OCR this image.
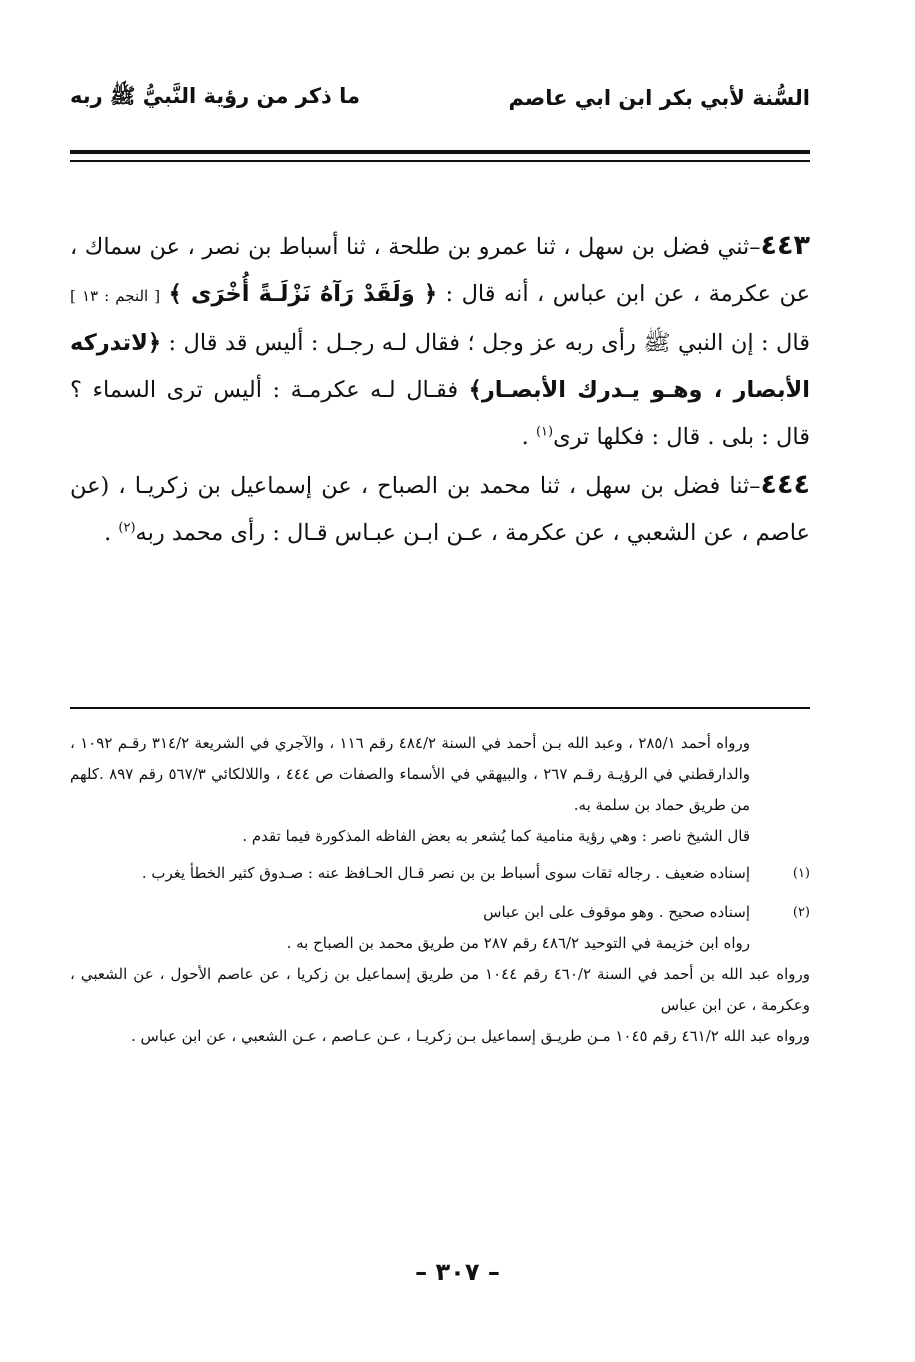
السُّنة لأبي بكر ابن ابي عاصم
ما ذكر من رؤية النَّبيُّ ﷺ ربه

٤٤٣–ثني فضل بن سهل ، ثنا عمرو بن طلحة ، ثنا أسباط بن نصر ، عن سماك ، عن عكرمة ، عن ابن عباس ، أنه قال : ﴿ وَلَقَدْ رَآهُ نَزْلَـةً أُخْرَى ﴾ [ النجم : ١٣ ] قال : إن النبي ﷺ رأى ربه عز وجل ؛ فقال لـه رجـل : أليس قد قال : ﴿لاتدركه الأبصار ، وهـو يـدرك الأبصـار﴾ فقـال لـه عكرمـة : أليس ترى السماء ؟ قال : بلى . قال : فكلها ترى$^{(١)}$ .

٤٤٤–ثنا فضل بن سهل ، ثنا محمد بن الصباح ، عن إسماعيل بن زكريـا ، (عن عاصم ، عن الشعبي ، عن عكرمة ، عـن ابـن عبـاس قـال : رأى محمد ربه$^{(٢)}$ .

ورواه أحمد ٢٨٥/١ ، وعبد الله بـن أحمد في السنة ٤٨٤/٢ رقم ١١٦ ، والآجري في الشريعة ٣١٤/٢ رقـم ١٠٩٢ ، والدارقطني في الرؤيـة رقـم ٢٦٧ ، والبيهقي في الأسماء والصفات ص ٤٤٤ ، واللالكائي ٥٦٧/٣ رقم ٨٩٧ .كلهم من طريق حماد بن سلمة به.

قال الشيخ ناصر : وهي رؤية منامية كما يُشعر به بعض الفاظه المذكورة فيما تقدم .

(١)

إسناده ضعيف . رجاله ثقات سوى أسباط بن بن نصر قـال الحـافظ عنه : صـدوق كثير الخطأ يغرب .

(٢)

إسناده صحيح . وهو موقوف على ابن عباس

رواه ابن خزيمة في التوحيد ٤٨٦/٢ رقم ٢٨٧ من طريق محمد بن الصباح به .

ورواه عبد الله بن أحمد في السنة ٤٦٠/٢ رقم ١٠٤٤ من طريق إسماعيل بن زكريا ، عن عاصم الأحول ، عن الشعبي ، وعكرمة ، عن ابن عباس

ورواه عبد الله ٤٦١/٢ رقم ١٠٤٥ مـن طريـق إسماعيل بـن زكريـا ، عـن عـاصم ، عـن الشعبي ، عن ابن عباس .

– ٣٠٧ –
